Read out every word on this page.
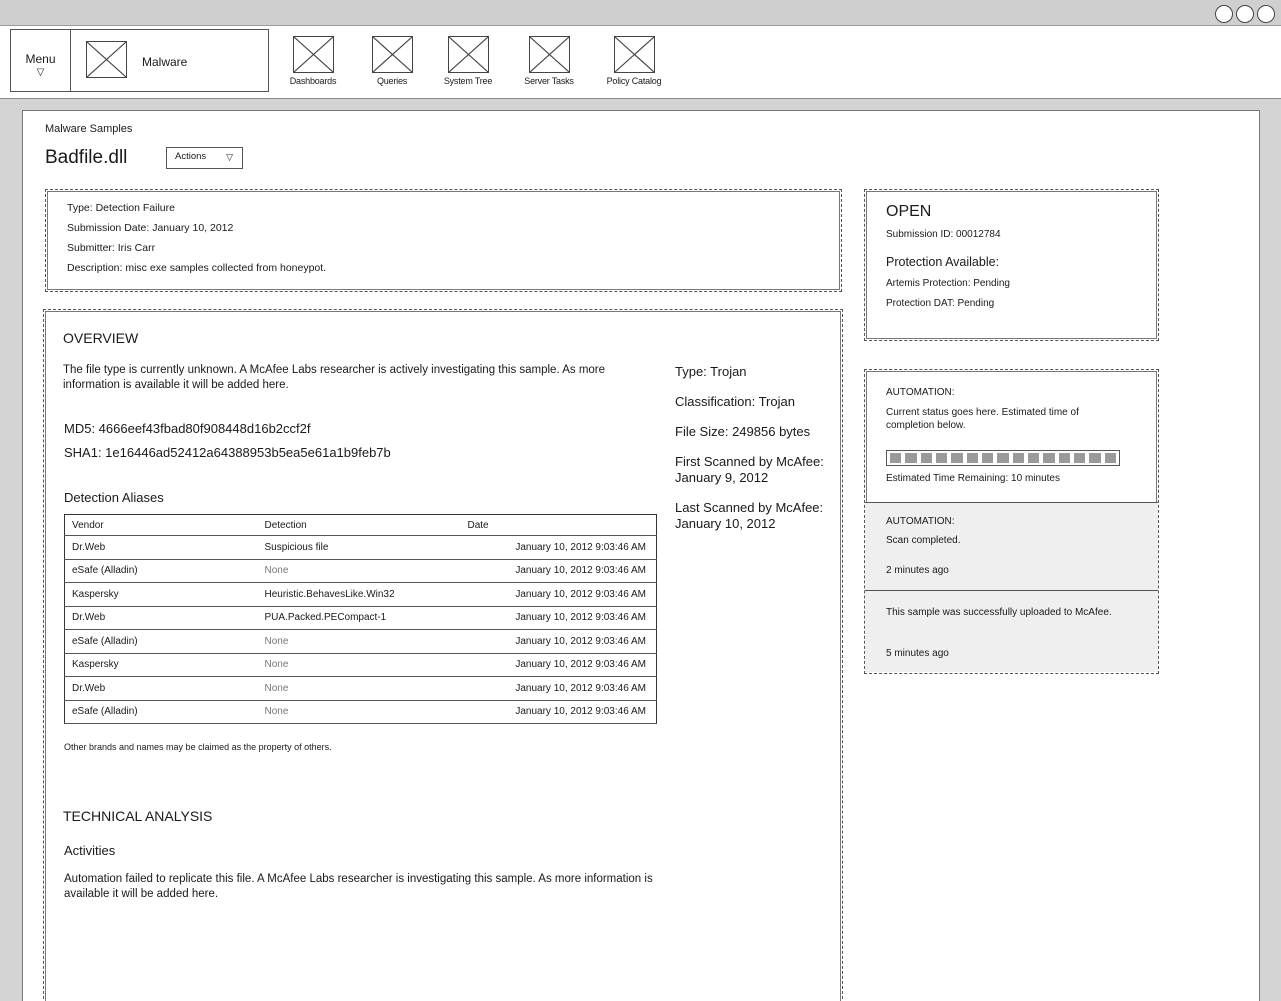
Menu
▽
Malware
Dashboards	Queries	System Tree	Server Tasks	Policy Catalog
Malware Samples
Badfile.dll	Actions ▽
Type: Detection Failure
Submission Date: January 10, 2012
Submitter: Iris Carr
Description: misc exe samples collected from honeypot.
OVERVIEW
The file type is currently unknown. A McAfee Labs researcher is actively investigating this sample. As more information is available it will be added here.
MD5: 4666eef43fbad80f908448d16b2ccf2f
SHA1: 1e16446ad52412a64388953b5ea5e61a1b9feb7b
Detection Aliases
Vendor	Detection	Date
Dr.Web	Suspicious file	January 10, 2012 9:03:46 AM
eSafe (Alladin)	None	January 10, 2012 9:03:46 AM
Kaspersky	Heuristic.BehavesLike.Win32	January 10, 2012 9:03:46 AM
Dr.Web	PUA.Packed.PECompact-1	January 10, 2012 9:03:46 AM
eSafe (Alladin)	None	January 10, 2012 9:03:46 AM
Kaspersky	None	January 10, 2012 9:03:46 AM
Dr.Web	None	January 10, 2012 9:03:46 AM
eSafe (Alladin)	None	January 10, 2012 9:03:46 AM
Other brands and names may be claimed as the property of others.
Type: Trojan
Classification: Trojan
File Size: 249856 bytes
First Scanned by McAfee: January 9, 2012
Last Scanned by McAfee: January 10, 2012
TECHNICAL ANALYSIS
Activities
Automation failed to replicate this file. A McAfee Labs researcher is investigating this sample. As more information is available it will be added here.
OPEN
Submission ID: 00012784
Protection Available:
Artemis Protection: Pending
Protection DAT: Pending
AUTOMATION:
Current status goes here. Estimated time of completion below.
Estimated Time Remaining: 10 minutes
AUTOMATION:
Scan completed.
2 minutes ago
This sample was successfully uploaded to McAfee.
5 minutes ago
